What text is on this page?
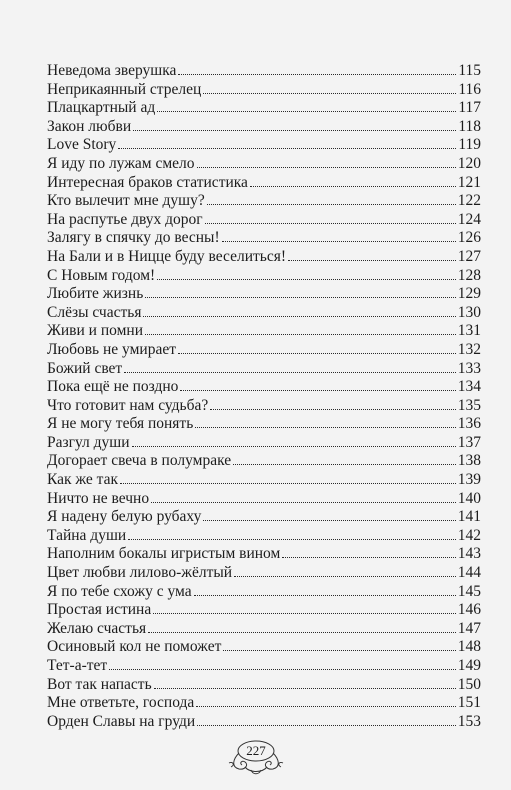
Неведома зверушка	115
Неприкаянный стрелец	116
Плацкартный ад	117
Закон любви	118
Love Story	119
Я иду по лужам смело	120
Интересная браков статистика	121
Кто вылечит мне душу?	122
На распутье двух дорог	124
Залягу в спячку до весны!	126
На Бали и в Ницце буду веселиться!	127
С Новым годом!	128
Любите жизнь	129
Слёзы счастья	130
Живи и помни	131
Любовь не умирает	132
Божий свет	133
Пока ещё не поздно	134
Что готовит нам судьба?	135
Я не могу тебя понять	136
Разгул души	137
Догорает свеча в полумраке	138
Как же так	139
Ничто не вечно	140
Я надену белую рубаху	141
Тайна души	142
Наполним бокалы игристым вином	143
Цвет любви лилово-жёлтый	144
Я по тебе схожу с ума	145
Простая истина	146
Желаю счастья	147
Осиновый кол не поможет	148
Тет-а-тет	149
Вот так напасть	150
Мне ответьте, господа	151
Орден Славы на груди	153
227
